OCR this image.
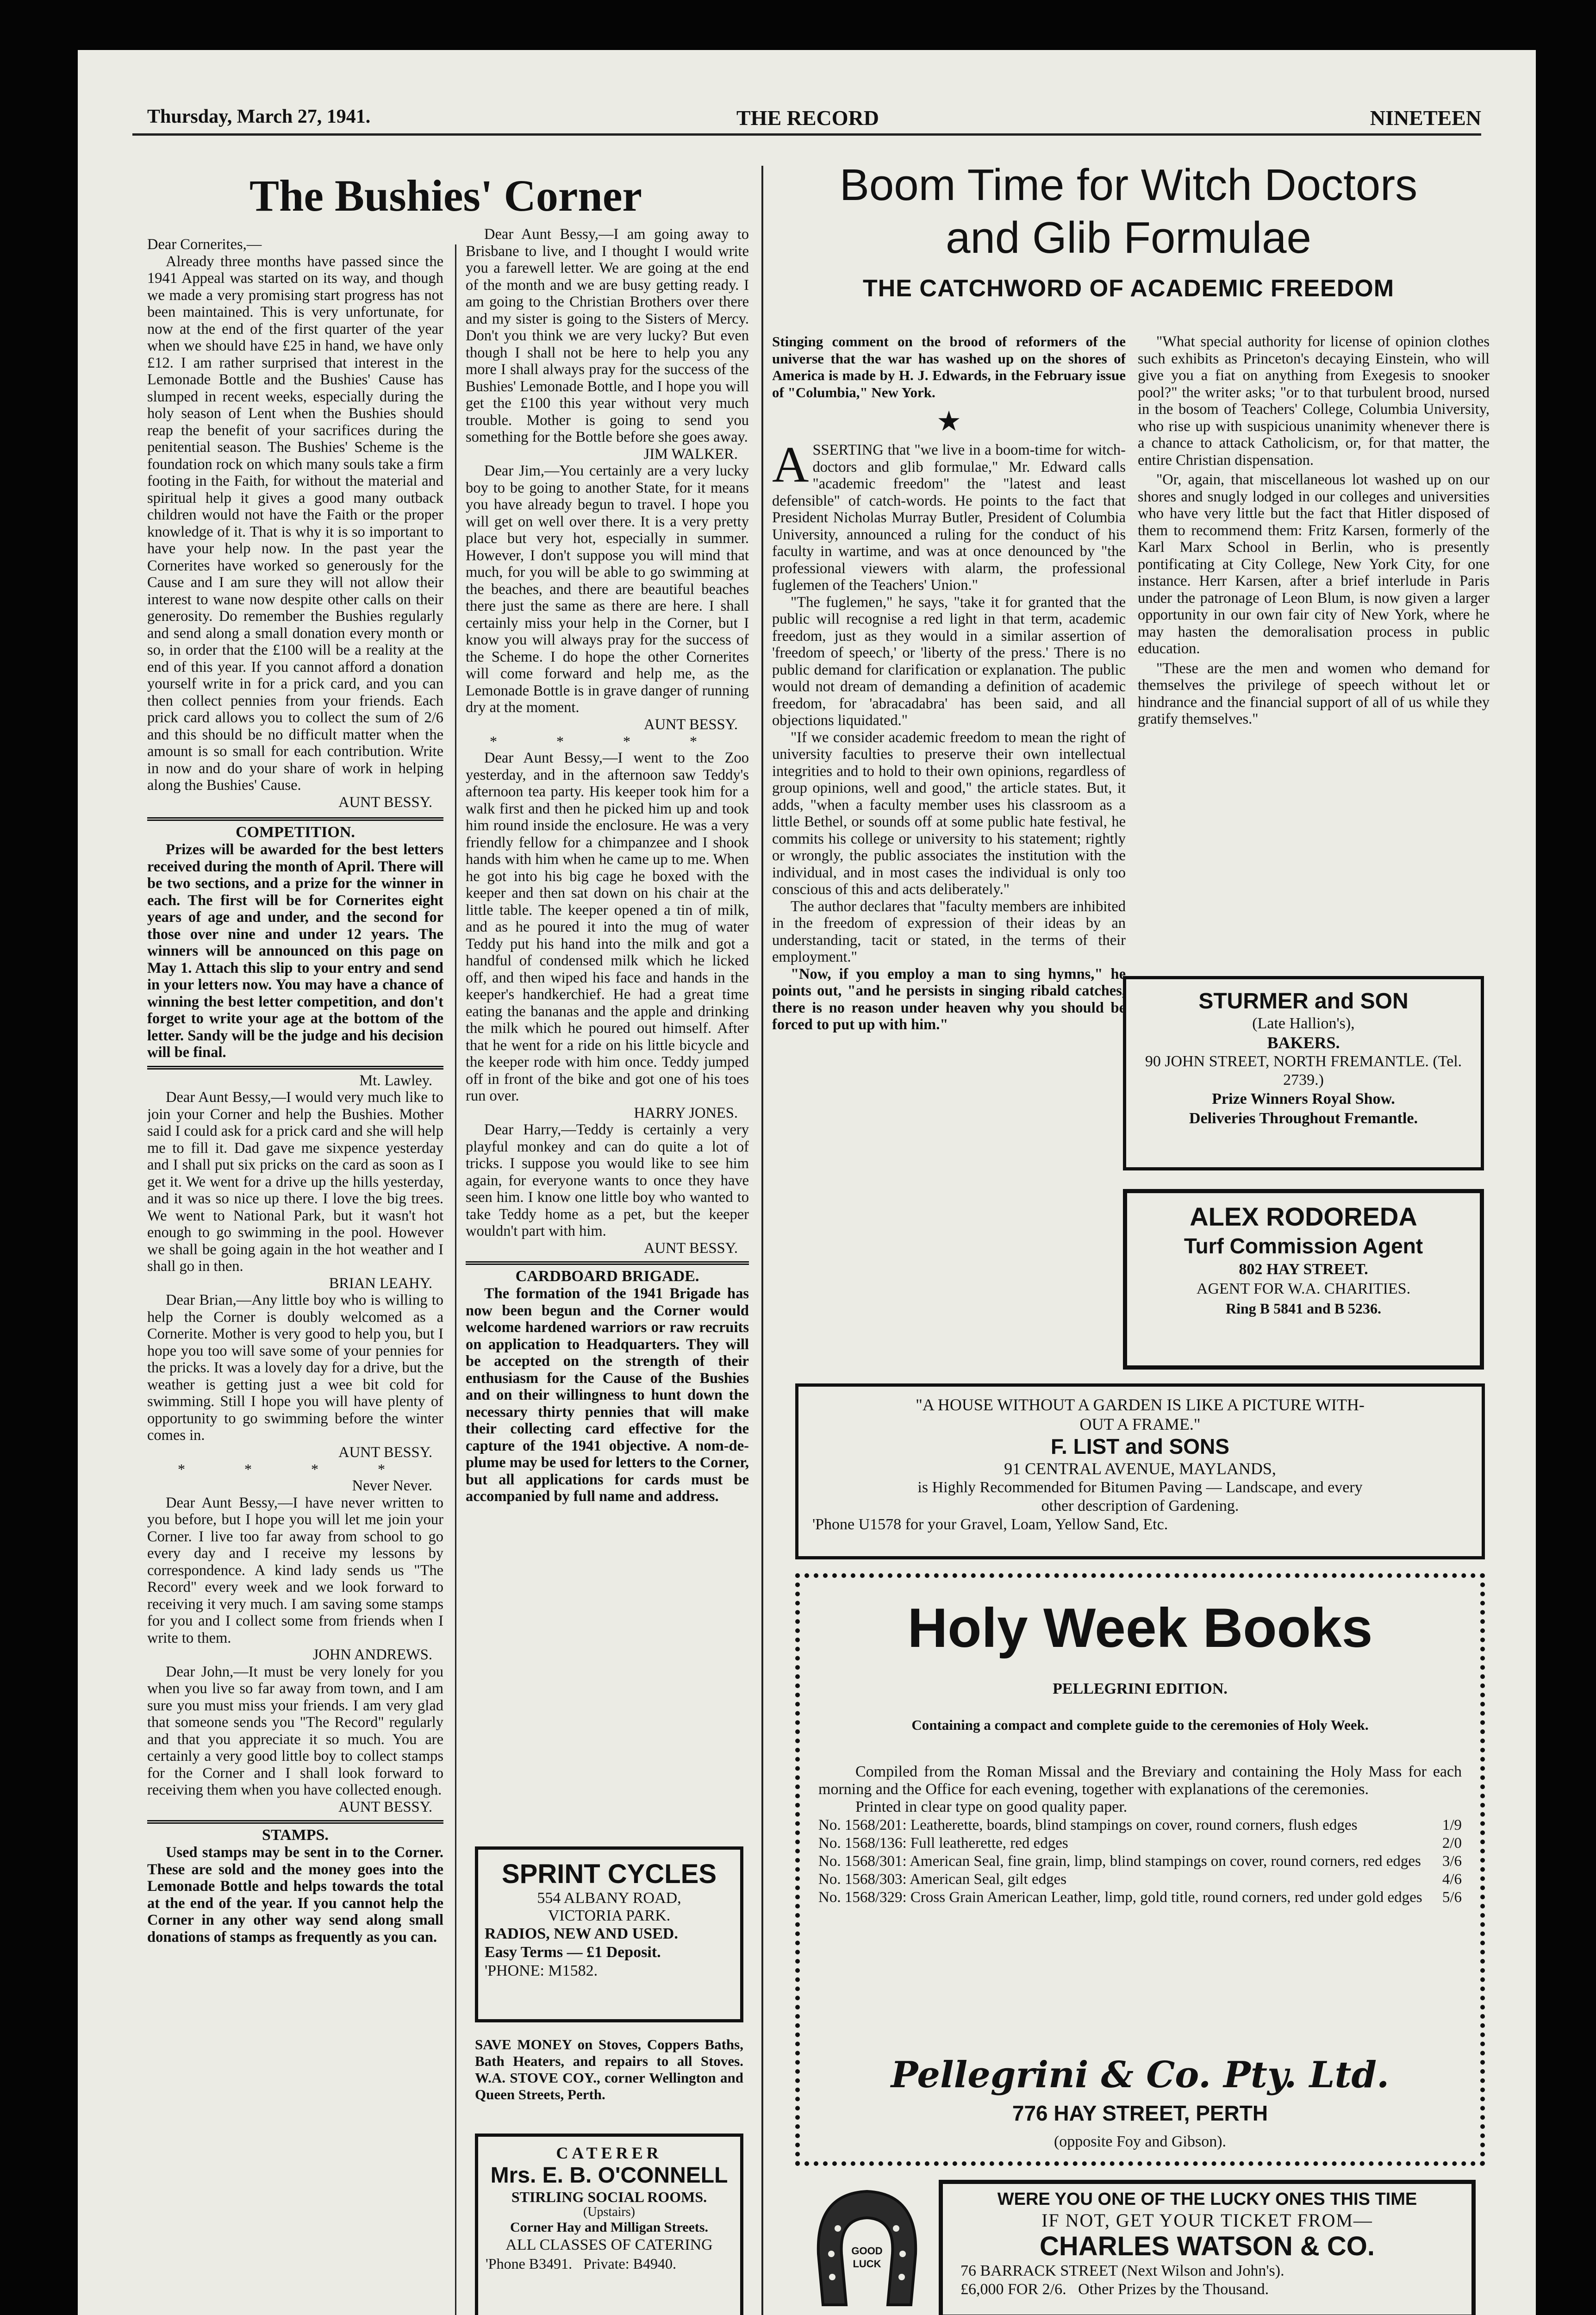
Thursday, March 27, 1941.	THE RECORD	NINETEEN
The Bushies' Corner

Dear Cornerites,—

Already three months have passed since the 1941 Appeal was started on its way, and though we made a very promising start progress has not been maintained. This is very unfortunate, for now at the end of the first quarter of the year when we should have £25 in hand, we have only £12. I am rather surprised that interest in the Lemonade Bottle and the Bushies' Cause has slumped in recent weeks, especially during the holy season of Lent when the Bushies should reap the benefit of your sacrifices during the penitential season. The Bushies' Scheme is the foundation rock on which many souls take a firm footing in the Faith, for without the material and spiritual help it gives a good many outback children would not have the Faith or the proper knowledge of it. That is why it is so important to have your help now. In the past year the Cornerites have worked so generously for the Cause and I am sure they will not allow their interest to wane now despite other calls on their generosity. Do remember the Bushies regularly and send along a small donation every month or so, in order that the £100 will be a reality at the end of this year. If you cannot afford a donation yourself write in for a prick card, and you can then collect pennies from your friends. Each prick card allows you to collect the sum of 2/6 and this should be no difficult matter when the amount is so small for each contribution. Write in now and do your share of work in helping along the Bushies' Cause.

AUNT BESSY.

COMPETITION.

Prizes will be awarded for the best letters received during the month of April. There will be two sections, and a prize for the winner in each. The first will be for Cornerites eight years of age and under, and the second for those over nine and under 12 years. The winners will be announced on this page on May 1. Attach this slip to your entry and send in your letters now. You may have a chance of winning the best letter competition, and don't forget to write your age at the bottom of the letter. Sandy will be the judge and his decision will be final.

Mt. Lawley.

Dear Aunt Bessy,—I would very much like to join your Corner and help the Bushies. Mother said I could ask for a prick card and she will help me to fill it. Dad gave me sixpence yesterday and I shall put six pricks on the card as soon as I get it. We went for a drive up the hills yesterday, and it was so nice up there. I love the big trees. We went to National Park, but it wasn't hot enough to go swimming in the pool. However we shall be going again in the hot weather and I shall go in then.

BRIAN LEAHY.

Dear Brian,—Any little boy who is willing to help the Corner is doubly welcomed as a Cornerite. Mother is very good to help you, but I hope you too will save some of your pennies for the pricks. It was a lovely day for a drive, but the weather is getting just a wee bit cold for swimming. Still I hope you will have plenty of opportunity to go swimming before the winter comes in.

AUNT BESSY.

* * * *

Never Never.

Dear Aunt Bessy,—I have never written to you before, but I hope you will let me join your Corner. I live too far away from school to go every day and I receive my lessons by correspondence. A kind lady sends us "The Record" every week and we look forward to receiving it very much. I am saving some stamps for you and I collect some from friends when I write to them.

JOHN ANDREWS.

Dear John,—It must be very lonely for you when you live so far away from town, and I am sure you must miss your friends. I am very glad that someone sends you "The Record" regularly and that you appreciate it so much. You are certainly a very good little boy to collect stamps for the Corner and I shall look forward to receiving them when you have collected enough.

AUNT BESSY.

STAMPS.

Used stamps may be sent in to the Corner. These are sold and the money goes into the Lemonade Bottle and helps towards the total at the end of the year. If you cannot help the Corner in any other way send along small donations of stamps as frequently as you can.

Dear Aunt Bessy,—I am going away to Brisbane to live, and I thought I would write you a farewell letter. We are going at the end of the month and we are busy getting ready. I am going to the Christian Brothers over there and my sister is going to the Sisters of Mercy. Don't you think we are very lucky? But even though I shall not be here to help you any more I shall always pray for the success of the Bushies' Lemonade Bottle, and I hope you will get the £100 this year without very much trouble. Mother is going to send you something for the Bottle before she goes away.

JIM WALKER.

Dear Jim,—You certainly are a very lucky boy to be going to another State, for it means you have already begun to travel. I hope you will get on well over there. It is a very pretty place but very hot, especially in summer. However, I don't suppose you will mind that much, for you will be able to go swimming at the beaches, and there are beautiful beaches there just the same as there are here. I shall certainly miss your help in the Corner, but I know you will always pray for the success of the Scheme. I do hope the other Cornerites will come forward and help me, as the Lemonade Bottle is in grave danger of running dry at the moment.

AUNT BESSY.

* * * *

Dear Aunt Bessy,—I went to the Zoo yesterday, and in the afternoon saw Teddy's afternoon tea party. His keeper took him for a walk first and then he picked him up and took him round inside the enclosure. He was a very friendly fellow for a chimpanzee and I shook hands with him when he came up to me. When he got into his big cage he boxed with the keeper and then sat down on his chair at the little table. The keeper opened a tin of milk, and as he poured it into the mug of water Teddy put his hand into the milk and got a handful of condensed milk which he licked off, and then wiped his face and hands in the keeper's handkerchief. He had a great time eating the bananas and the apple and drinking the milk which he poured out himself. After that he went for a ride on his little bicycle and the keeper rode with him once. Teddy jumped off in front of the bike and got one of his toes run over.

HARRY JONES.

Dear Harry,—Teddy is certainly a very playful monkey and can do quite a lot of tricks. I suppose you would like to see him again, for everyone wants to once they have seen him. I know one little boy who wanted to take Teddy home as a pet, but the keeper wouldn't part with him.

AUNT BESSY.

CARDBOARD BRIGADE.

The formation of the 1941 Brigade has now been begun and the Corner would welcome hardened warriors or raw recruits on application to Headquarters. They will be accepted on the strength of their enthusiasm for the Cause of the Bushies and on their willingness to hunt down the necessary thirty pennies that will make their collecting card effective for the capture of the 1941 objective. A nom-de-plume may be used for letters to the Corner, but all applications for cards must be accompanied by full name and address.

SPRINT CYCLES

554 ALBANY ROAD,

VICTORIA PARK.

RADIOS, NEW AND USED.

Easy Terms — £1 Deposit.

'PHONE: M1582.

SAVE MONEY on Stoves, Coppers Baths, Bath Heaters, and repairs to all Stoves. W.A. STOVE COY., corner Wellington and Queen Streets, Perth.

CATERER

Mrs. E. B. O'CONNELL

STIRLING SOCIAL ROOMS.

(Upstairs)

Corner Hay and Milligan Streets.

ALL CLASSES OF CATERING

'Phone B3491. Private: B4940.

Boom Time for Witch Doctors
and Glib Formulae
THE CATCHWORD OF ACADEMIC FREEDOM

Stinging comment on the brood of reformers of the universe that the war has washed up on the shores of America is made by H. J. Edwards, in the February issue of "Columbia," New York.

★

ASSERTING that "we live in a boom-time for witch-doctors and glib formulae," Mr. Edward calls "academic freedom" the "latest and least defensible" of catch-words. He points to the fact that President Nicholas Murray Butler, President of Columbia University, announced a ruling for the conduct of his faculty in wartime, and was at once denounced by "the professional viewers with alarm, the professional fuglemen of the Teachers' Union."

"The fuglemen," he says, "take it for granted that the public will recognise a red light in that term, academic freedom, just as they would in a similar assertion of 'freedom of speech,' or 'liberty of the press.' There is no public demand for clarification or explanation. The public would not dream of demanding a definition of academic freedom, for 'abracadabra' has been said, and all objections liquidated."

"If we consider academic freedom to mean the right of university faculties to preserve their own intellectual integrities and to hold to their own opinions, regardless of group opinions, well and good," the article states. But, it adds, "when a faculty member uses his classroom as a little Bethel, or sounds off at some public hate festival, he commits his college or university to his statement; rightly or wrongly, the public associates the institution with the individual, and in most cases the individual is only too conscious of this and acts deliberately."

The author declares that "faculty members are inhibited in the freedom of expression of their ideas by an understanding, tacit or stated, in the terms of their employment."

"Now, if you employ a man to sing hymns," he points out, "and he persists in singing ribald catches, there is no reason under heaven why you should be forced to put up with him."

"What special authority for license of opinion clothes such exhibits as Princeton's decaying Einstein, who will give you a fiat on anything from Exegesis to snooker pool?" the writer asks; "or to that turbulent brood, nursed in the bosom of Teachers' College, Columbia University, who rise up with suspicious unanimity whenever there is a chance to attack Catholicism, or, for that matter, the entire Christian dispensation.

"Or, again, that miscellaneous lot washed up on our shores and snugly lodged in our colleges and universities who have very little but the fact that Hitler disposed of them to recommend them: Fritz Karsen, formerly of the Karl Marx School in Berlin, who is presently pontificating at City College, New York City, for one instance. Herr Karsen, after a brief interlude in Paris under the patronage of Leon Blum, is now given a larger opportunity in our own fair city of New York, where he may hasten the demoralisation process in public education.

"These are the men and women who demand for themselves the privilege of speech without let or hindrance and the financial support of all of us while they gratify themselves."

STURMER and SON

(Late Hallion's),

BAKERS.

90 JOHN STREET, NORTH FREMANTLE. (Tel. 2739.)

Prize Winners Royal Show.

Deliveries Throughout Fremantle.

ALEX RODOREDA

Turf Commission Agent

802 HAY STREET.

AGENT FOR W.A. CHARITIES.

Ring B 5841 and B 5236.

"A HOUSE WITHOUT A GARDEN IS LIKE A PICTURE WITH-

OUT A FRAME."

F. LIST and SONS

91 CENTRAL AVENUE, MAYLANDS,

is Highly Recommended for Bitumen Paving — Landscape, and every

other description of Gardening.

'Phone U1578 for your Gravel, Loam, Yellow Sand, Etc.

Holy Week Books
PELLEGRINI EDITION.
Containing a compact and complete guide to the ceremonies of Holy Week.

Compiled from the Roman Missal and the Breviary and containing the Holy Mass for each morning and the Office for each evening, together with explanations of the ceremonies.

Printed in clear type on good quality paper.

No. 1568/201: Leatherette, boards, blind stampings on cover, round corners, flush edges	1/9
No. 1568/136: Full leatherette, red edges	2/0
No. 1568/301: American Seal, fine grain, limp, blind stampings on cover, round corners, red edges	3/6
No. 1568/303: American Seal, gilt edges	4/6
No. 1568/329: Cross Grain American Leather, limp, gold title, round corners, red under gold edges	5/6
Pellegrini & Co. Pty. Ltd.
776 HAY STREET, PERTH
(opposite Foy and Gibson).
GOOD
LUCK

WERE YOU ONE OF THE LUCKY ONES THIS TIME

IF NOT, GET YOUR TICKET FROM—

CHARLES WATSON & CO.

76 BARRACK STREET (Next Wilson and John's).

£6,000 FOR 2/6. Other Prizes by the Thousand.
